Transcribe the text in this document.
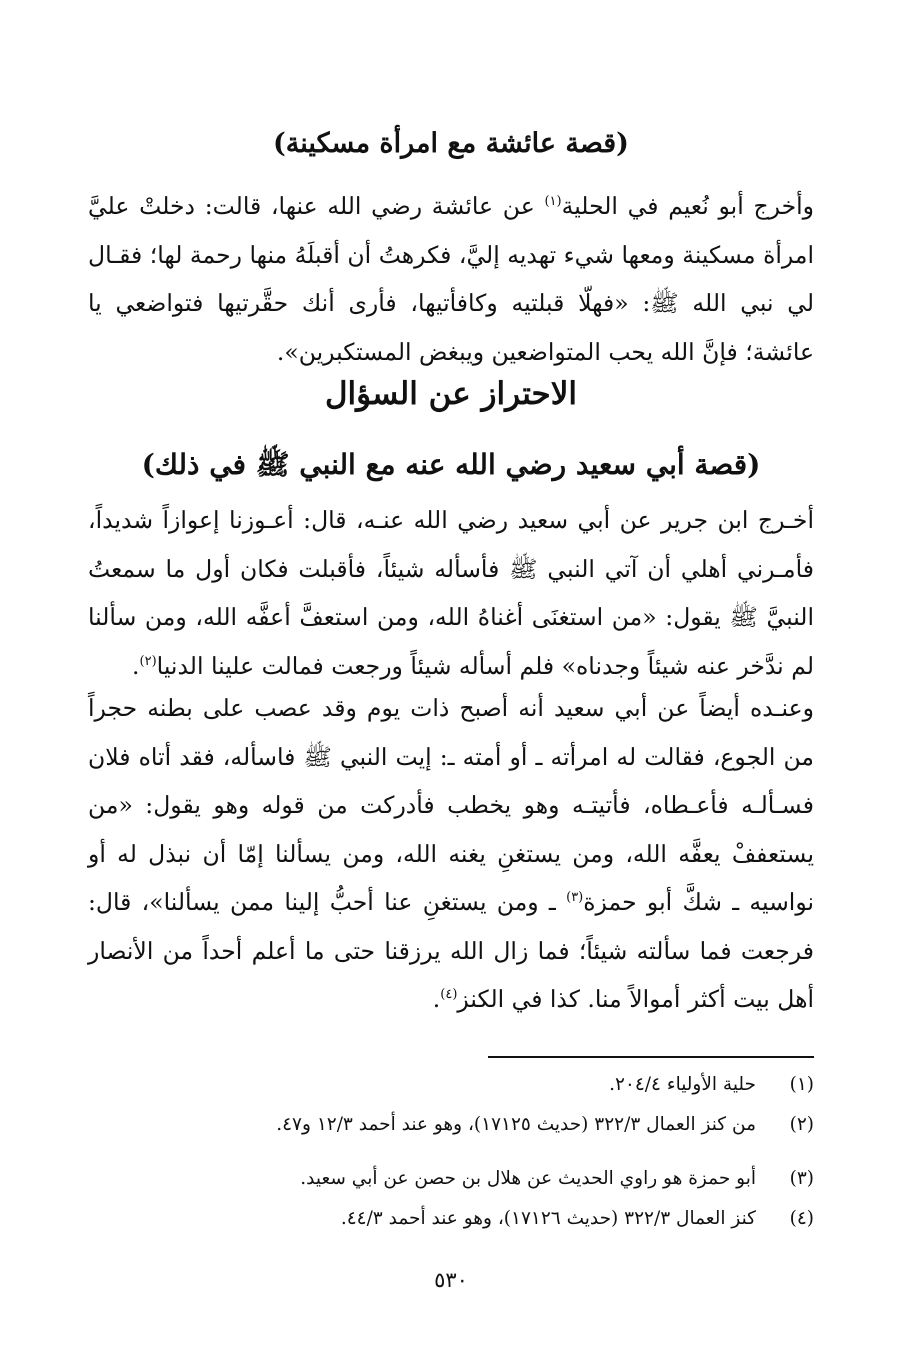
(قصة عائشة مع امرأة مسكينة)

وأخرج أبو نُعيم في الحلية$^{(١)}$ عن عائشة رضي الله عنها، قالت: دخلتْ عليَّ امرأة مسكينة ومعها شيء تهديه إليَّ، فكرهتُ أن أقبلَهُ منها رحمة لها؛ فقـال لي نبي الله ﷺ: «فهلّا قبلتيه وكافأتيها، فأرى أنك حقَّرتيها فتواضعي يا عائشة؛ فإنَّ الله يحب المتواضعين ويبغض المستكبرين».

الاحتراز عن السؤال
(قصة أبي سعيد رضي الله عنه مع النبي ﷺ في ذلك)

أخـرج ابن جرير عن أبي سعيد رضي الله عنـه، قال: أعـوزنا إعوازاً شديداً، فأمـرني أهلي أن آتي النبي ﷺ فأسأله شيئاً، فأقبلت فكان أول ما سمعتُ النبيَّ ﷺ يقول: «من استغنَى أغناهُ الله، ومن استعفَّ أعفَّه الله، ومن سألنا لم ندَّخر عنه شيئاً وجدناه» فلم أسأله شيئاً ورجعت فمالت علينا الدنيا$^{(٢)}$.

وعنـده أيضاً عن أبي سعيد أنه أصبح ذات يوم وقد عصب على بطنه حجراً من الجوع، فقالت له امرأته ـ أو أمته ـ: إيت النبي ﷺ فاسأله، فقد أتاه فلان فسـألـه فأعـطاه، فأتيتـه وهو يخطب فأدركت من قوله وهو يقول: «من يستعففْ يعفَّه الله، ومن يستغنِ يغنه الله، ومن يسألنا إمّا أن نبذل له أو نواسيه ـ شكَّ أبو حمزة$^{(٣)}$ ـ ومن يستغنِ عنا أحبُّ إلينا ممن يسألنا»، قال: فرجعت فما سألته شيئاً؛ فما زال الله يرزقنا حتى ما أعلم أحداً من الأنصار أهل بيت أكثر أموالاً منا. كذا في الكنز$^{(٤)}$.

(١)
حلية الأولياء ٢٠٤/٤.
(٢)
من كنز العمال ٣٢٢/٣ (حديث ١٧١٢٥)، وهو عند أحمد ١٢/٣ و٤٧.
(٣)
أبو حمزة هو راوي الحديث عن هلال بن حصن عن أبي سعيد.
(٤)
كنز العمال ٣٢٢/٣ (حديث ١٧١٢٦)، وهو عند أحمد ٤٤/٣.
٥٣٠
